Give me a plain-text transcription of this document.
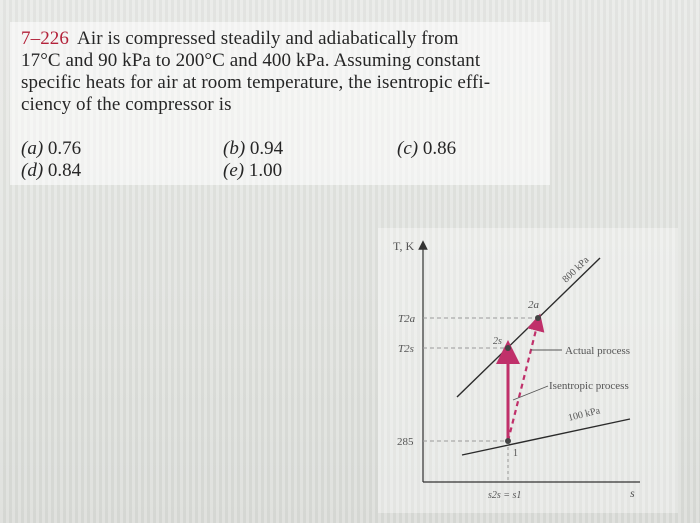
7–226 Air is compressed steadily and adiabatically from
17°C and 90 kPa to 200°C and 400 kPa. Assuming constant
specific heats for air at room temperature, the isentropic effi-
ciency of the compressor is
(a) 0.76	(b) 0.94	(c) 0.86
(d) 0.84	(e) 1.00
T, K
s
T2a
T2s
285
s2s = s1
2a
2s
1
Actual process
Isentropic process
100 kPa
800 kPa
